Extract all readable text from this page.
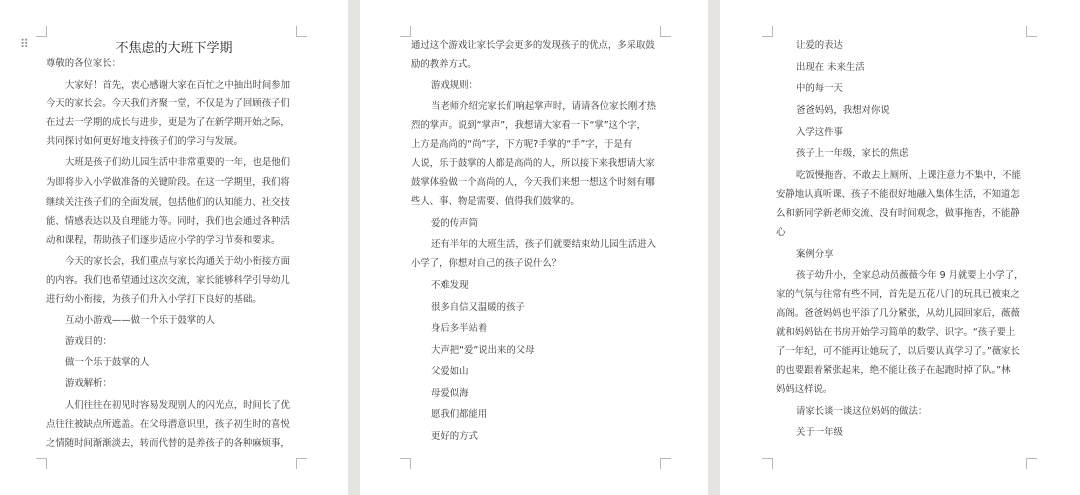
⠿	不焦虑的大班下学期
尊敬的各位家长：
大家好！首先，衷心感谢大家在百忙之中抽出时间参加
今天的家长会。今天我们齐聚一堂，不仅是为了回顾孩子们
在过去一学期的成长与进步，更是为了在新学期开始之际，
共同探讨如何更好地支持孩子们的学习与发展。
大班是孩子们幼儿园生活中非常重要的一年，也是他们
为即将步入小学做准备的关键阶段。在这一学期里，我们将
继续关注孩子们的全面发展，包括他们的认知能力、社交技
能、情感表达以及自理能力等。同时，我们也会通过各种活
动和课程，帮助孩子们逐步适应小学的学习节奏和要求。
今天的家长会，我们重点与家长沟通关于幼小衔接方面
的内容。我们也希望通过这次交流，家长能够科学引导幼儿
进行幼小衔接，为孩子们升入小学打下良好的基础。
互动小游戏——做一个乐于鼓掌的人
游戏目的：
做一个乐于鼓掌的人
游戏解析：
人们往往在初见时容易发现别人的闪光点，时间长了优
点往往被缺点所遮盖。在父母潜意识里，孩子初生时的喜悦
之情随时间渐渐淡去，转而代替的是养孩子的各种麻烦事，
通过这个游戏让家长学会更多的发现孩子的优点，多采取鼓
励的教养方式。
游戏规则：
当老师介绍完家长们响起掌声时，请请各位家长刚才热
烈的掌声。说到“掌声”，我想请大家看一下“掌”这个字，
上方是高尚的“尚”字，下方呢?手掌的“手”字，于是有
人说，乐于鼓掌的人都是高尚的人，所以接下来我想请大家
鼓掌体验做一个高尚的人，今天我们来想一想这个时刻有哪
些人、事、物是需要、值得我们鼓掌的。
爱的传声筒
还有半年的大班生活，孩子们就要结束幼儿园生活进入
小学了，你想对自己的孩子说什么？
不难发现
很多自信又温暖的孩子
身后多半站着
大声把“爱”说出来的父母
父爱如山
母爱似海
愿我们都能用
更好的方式
让爱的表达
出现在 未来生活
中的每一天
爸爸妈妈，我想对你说
入学这件事
孩子上一年级，家长的焦虑
吃饭慢拖沓、不敢去上厕所、上课注意力不集中，不能
安静地认真听课、孩子不能很好地融入集体生活，不知道怎
么和新同学新老师交流、没有时间观念，做事拖沓，不能静
心
案例分享
孩子幼升小，全家总动员薇薇今年 9 月就要上小学了，
家的气氛与往常有些不同，首先是五花八门的玩具已被束之
高阁。爸爸妈妈也平添了几分紧张，从幼儿园回家后，薇薇
就和妈妈钻在书房开始学习简单的数学、识字。“孩子要上
了一年纪，可不能再让她玩了，以后要认真学习了。”薇家长
的也要跟着紧张起来，绝不能让孩子在起跑时掉了队。”林
妈妈这样说。
请家长谈一谈这位妈妈的做法：
关于一年级
